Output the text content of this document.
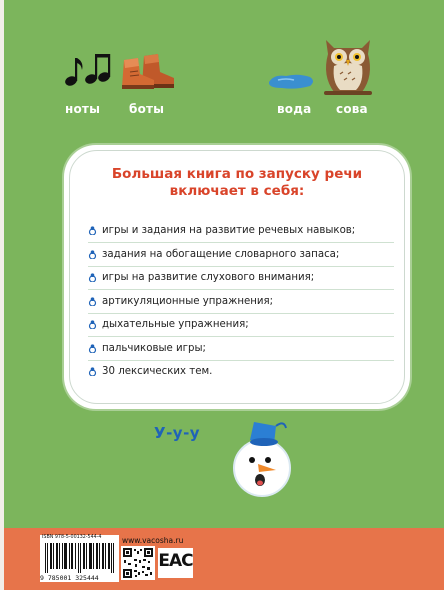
ноты боты	вода сова
Большая книга по запуску речи
включает в себя:
игры и задания на развитие речевых навыков;
задания на обогащение словарного запаса;
игры на развитие слухового внимания;
артикуляционные упражнения;
дыхательные упражнения;
пальчиковые игры;
30 лексических тем.
У-у-у
ISBN 978-5-00132-544-4
9 785001 325444
www.vacosha.ru
EAC
